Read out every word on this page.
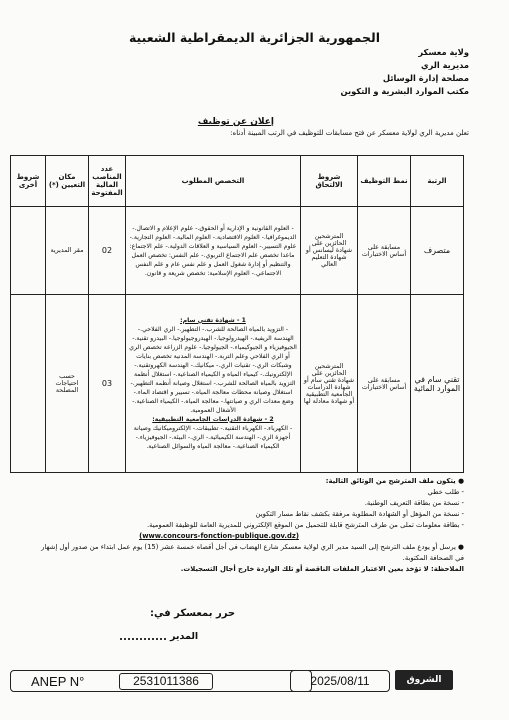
الجمهورية الجزائرية الديمقراطية الشعبية
ولاية معسكر
مديرية الري
مصلحة إدارة الوسائل
مكتب الموارد البشرية و التكوين
إعلان عن توظيف
تعلن مديرية الري لولاية معسكر عن فتح مسابقات للتوظيف في الرتب المبينة أدناه:
الرتبة	نمط التوظيف	شروط الالتحاق	التخصص المطلوب	عدد المناصب المالية المفتوحة	مكان التعيين (*)	شروط أخرى
متصرف	مسابقة على أساس الاختبارات	المترشحين الحائزين على شهادة ليسانس أو شهادة التعليم العالي	- العلوم القانونية و الإدارية أو الحقوق.- علوم الإعلام و الاتصال.- الديموغرافيا.- العلوم الاقتصادية.- العلوم المالية.- العلوم التجارية.- علوم التسيير.- العلوم السياسية و العلاقات الدولية.- علم الاجتماع: ماعدا تخصص علم الاجتماع التربوي.- علم النفس: تخصص العمل والتنظيم أو إدارة شغول العمل و علم نفس عام و علم النفس الاجتماعي.- العلوم الإسلامية: تخصص شريعة و قانون.	02	مقر المديرية	
تقني سام في الموارد المائية	مسابقة على أساس الاختبارات	المترشحين الحائزين على شهادة تقني سام أو شهادة الدراسات الجامعية التطبيقية أو شهادة معادلة لها	1 - شهادة تقني سام:
- التزويد بالمياه الصالحة للشرب.- التطهير.- الري الفلاحي.- الهندسة الريفية.- الهيدرولوجيا.- الهيدروجيولوجيا.- البيدرو تقنية.- الجيوفيزياء و الجيوكيمياء.- الجيولوجيا.- علوم الزراعة تخصص الري أو الري الفلاحي وعلم التربة.- الهندسة المدنية تخصص بنايات وشبكات الري.- تقنيات الري.- ميكانيك.- الهندسة الكهروتقنية.- الإلكترونيك.- كيمياء المياه و الكيمياء الصناعية.- استغلال أنظمة التزويد بالمياه الصالحة للشرب.- استغلال وصيانة أنظمة التطهير.- استغلال وصيانة محطات معالجة المياه.- تسيير و اقتصاد الماء.- وضع معدات الري و صيانتها.- معالجة المياه.- الكيمياء الصناعية.- الأشغال العمومية.
2 - شهادة الدراسات الجامعية التطبيقية:
- الكهرباء.- الكهرباء التقنية.- تطبيقات.- الإلكتروميكانيك وصيانة أجهزة الري.- الهندسة الكيميائية.- الري.- البيئة.- الجيوفيزياء.- الكيمياء الصناعية.- معالجة المياه والسوائل الصناعية.	03	حسب احتياجات المصلحة	
● يتكون ملف المترشح من الوثائق التالية:
- طلب خطي
- نسخة من بطاقة التعريف الوطنية.
- نسخة من المؤهل أو الشهادة المطلوبة مرفقة بكشف نقاط مسار التكوين
- بطاقة معلومات تملى من طرف المترشح قابلة للتحميل من الموقع الإلكتروني للمديرية العامة للوظيفة العمومية.
(www.concours-fonction-publique.gov.dz)
● يرسل أو يودع ملف الترشح إلى السيد مدير الري لولاية معسكر شارع الهضاب في أجل أقصاه خمسة عشر (15) يوم عمل ابتداء من صدور أول إشهار في الصحافة المكتوبة.
الملاحظة: لا تؤخذ بعين الاعتبار الملفات الناقصة أو تلك الواردة خارج أجال التسجيلات.
حرر بمعسكر في:
المدير
ANEP N°	2531011386	2025/08/11	الشروق
